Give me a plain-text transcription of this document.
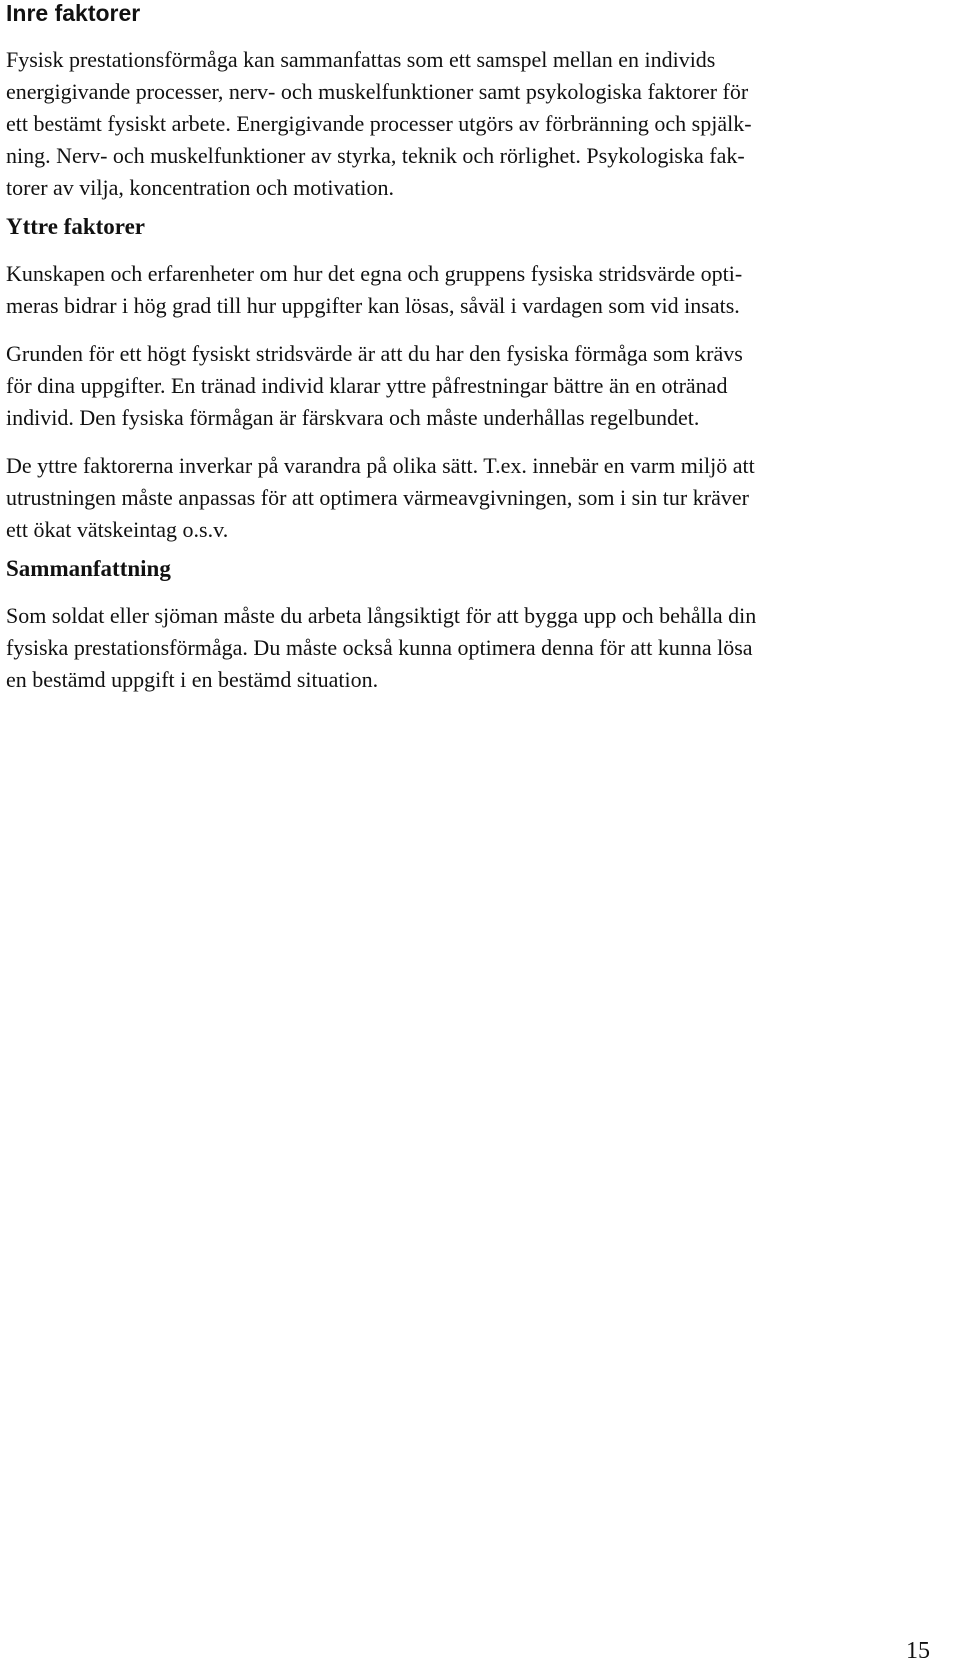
Inre faktorer

Fysisk prestationsförmåga kan sammanfattas som ett samspel mellan en individs
energigivande processer, nerv- och muskelfunktioner samt psykologiska faktorer för
ett bestämt fysiskt arbete. Energigivande processer utgörs av förbränning och spjälk-
ning. Nerv- och muskelfunktioner av styrka, teknik och rörlighet. Psykologiska fak-
torer av vilja, koncentration och motivation.

Yttre faktorer

Kunskapen och erfarenheter om hur det egna och gruppens fysiska stridsvärde opti-
meras bidrar i hög grad till hur uppgifter kan lösas, såväl i vardagen som vid insats.

Grunden för ett högt fysiskt stridsvärde är att du har den fysiska förmåga som krävs
för dina uppgifter. En tränad individ klarar yttre påfrestningar bättre än en otränad
individ. Den fysiska förmågan är färskvara och måste underhållas regelbundet.

De yttre faktorerna inverkar på varandra på olika sätt. T.ex. innebär en varm miljö att
utrustningen måste anpassas för att optimera värmeavgivningen, som i sin tur kräver
ett ökat vätskeintag o.s.v.

Sammanfattning

Som soldat eller sjöman måste du arbeta långsiktigt för att bygga upp och behålla din
fysiska prestationsförmåga. Du måste också kunna optimera denna för att kunna lösa
en bestämd uppgift i en bestämd situation.

15
